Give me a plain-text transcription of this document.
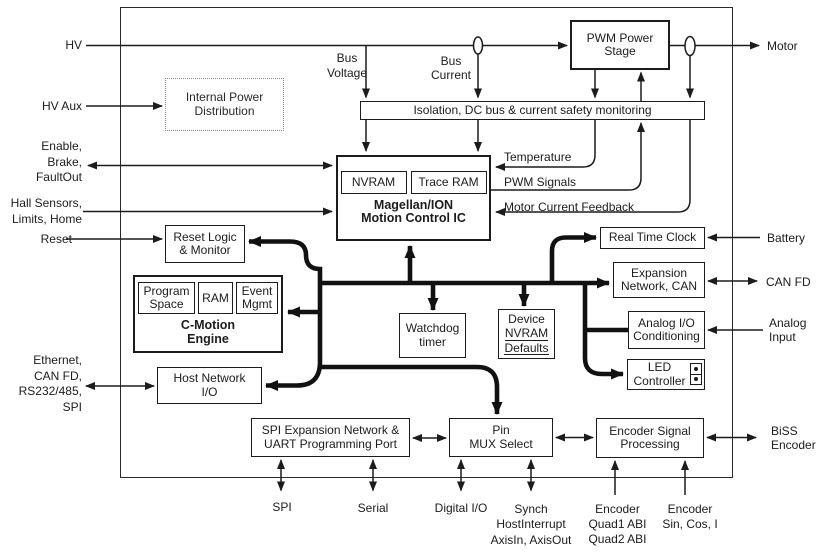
Internal Power
Distribution
PWM Power
Stage
Isolation, DC bus & current safety monitoring
NVRAM Trace RAM
Magellan/ION
Motion Control IC
Reset Logic
& Monitor
Program
Space RAM Event
Mgmt
C-Motion
Engine
Host Network
I/O
SPI Expansion Network &
UART Programming Port
Pin
MUX Select
Watchdog
timer
Device
NVRAM
Defaults
Real Time Clock
Expansion
Network, CAN
Analog I/O
Conditioning
LED
Controller
Encoder Signal
Processing
HV
HV Aux
Enable,
Brake,
FaultOut
Hall Sensors,
Limits, Home
Reset
Ethernet,
CAN FD,
RS232/485,
SPI
Motor
Battery
CAN FD
Analog
Input
BiSS
Encoder
SPI	Serial	Digital I/O	Synch
HostInterrupt
AxisIn, AxisOut
Encoder
Quad1 ABI
Quad2 ABI
Encoder
Sin, Cos, I
Bus
Voltage
Bus
Current
Temperature
PWM Signals
Motor Current Feedback
